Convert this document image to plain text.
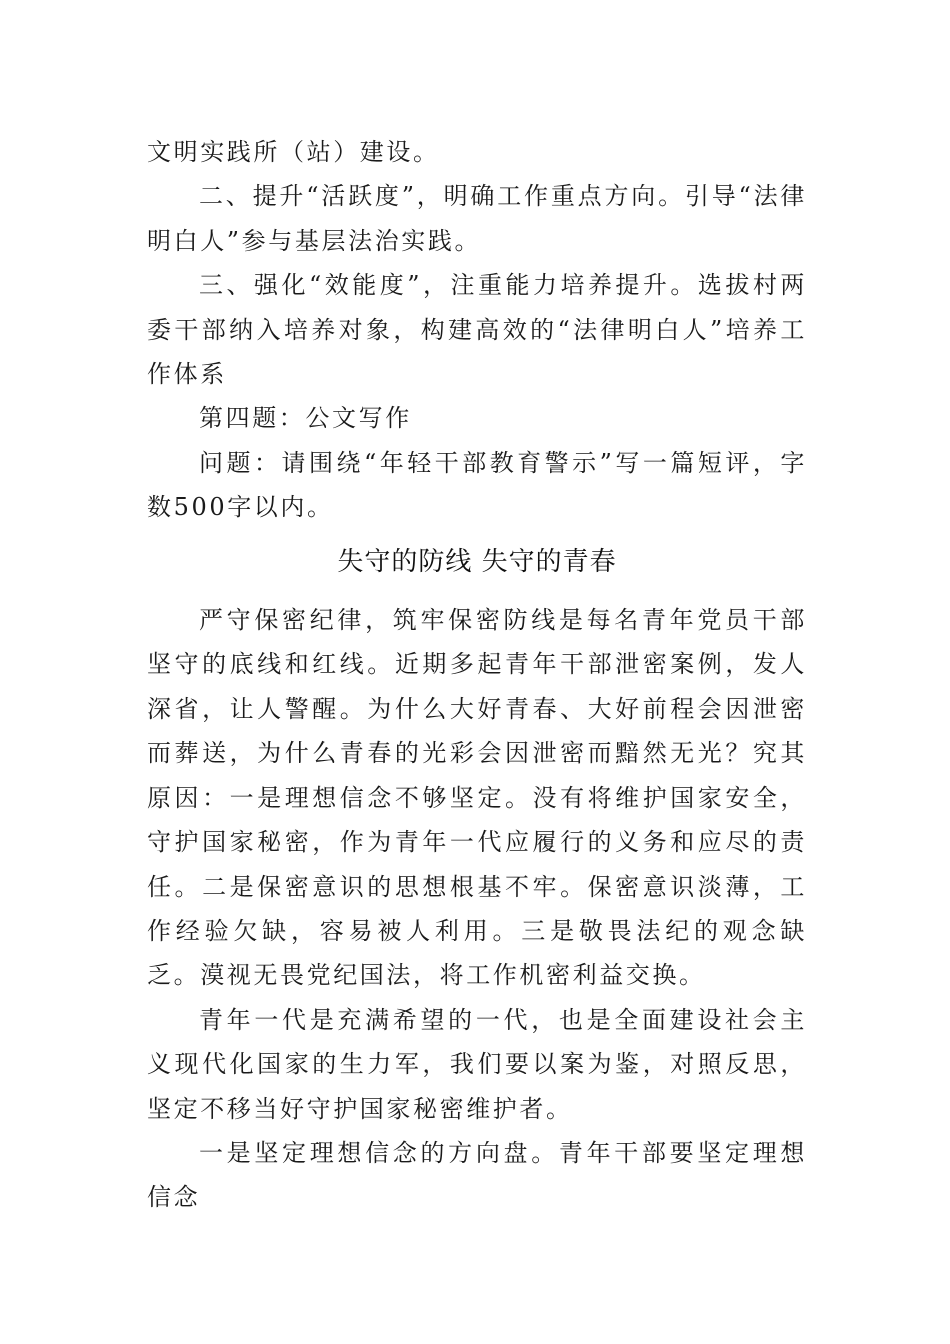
文明实践所（站）建设。

二、提升“活跃度”，明确工作重点方向。引导“法律明白人”参与基层法治实践。

三、强化“效能度”，注重能力培养提升。选拔村两委干部纳入培养对象，构建高效的“法律明白人”培养工作体系

第四题：公文写作

问题：请围绕“年轻干部教育警示”写一篇短评，字数500字以内。

失守的防线 失守的青春

严守保密纪律，筑牢保密防线是每名青年党员干部坚守的底线和红线。近期多起青年干部泄密案例，发人深省，让人警醒。为什么大好青春、大好前程会因泄密而葬送，为什么青春的光彩会因泄密而黯然无光？究其原因：一是理想信念不够坚定。没有将维护国家安全，守护国家秘密，作为青年一代应履行的义务和应尽的责任。二是保密意识的思想根基不牢。保密意识淡薄，工作经验欠缺，容易被人利用。三是敬畏法纪的观念缺乏。漠视无畏党纪国法，将工作机密利益交换。

青年一代是充满希望的一代，也是全面建设社会主义现代化国家的生力军，我们要以案为鉴，对照反思，坚定不移当好守护国家秘密维护者。

一是坚定理想信念的方向盘。青年干部要坚定理想信念
